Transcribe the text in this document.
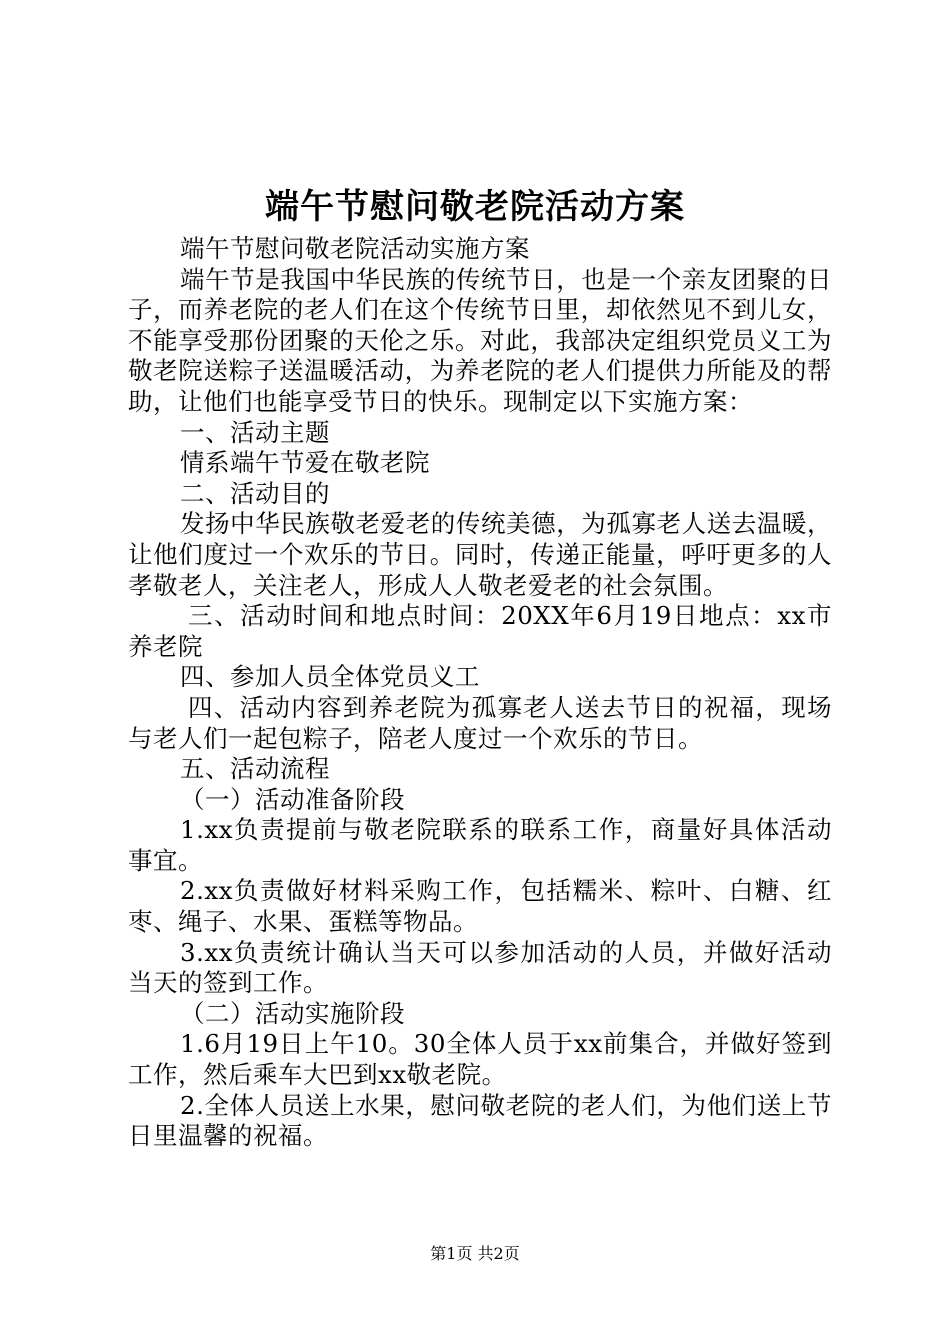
端午节慰问敬老院活动方案

端午节慰问敬老院活动实施方案

端午节是我国中华民族的传统节日，也是一个亲友团聚的日子，而养老院的老人们在这个传统节日里，却依然见不到儿女，不能享受那份团聚的天伦之乐。对此，我部决定组织党员义工为敬老院送粽子送温暖活动，为养老院的老人们提供力所能及的帮助，让他们也能享受节日的快乐。现制定以下实施方案：

一、活动主题

情系端午节爱在敬老院

二、活动目的

发扬中华民族敬老爱老的传统美德，为孤寡老人送去温暖，让他们度过一个欢乐的节日。同时，传递正能量，呼吁更多的人孝敬老人，关注老人，形成人人敬老爱老的社会氛围。

三、活动时间和地点时间：20XX年6月19日地点：xx市养老院

四、参加人员全体党员义工

四、活动内容到养老院为孤寡老人送去节日的祝福，现场与老人们一起包粽子，陪老人度过一个欢乐的节日。

五、活动流程

（一）活动准备阶段

1.xx负责提前与敬老院联系的联系工作，商量好具体活动事宜。

2.xx负责做好材料采购工作，包括糯米、粽叶、白糖、红枣、绳子、水果、蛋糕等物品。

3.xx负责统计确认当天可以参加活动的人员，并做好活动当天的签到工作。

（二）活动实施阶段

1.6月19日上午10。30全体人员于xx前集合，并做好签到工作，然后乘车大巴到xx敬老院。

2.全体人员送上水果，慰问敬老院的老人们，为他们送上节日里温馨的祝福。

第1页 共2页
